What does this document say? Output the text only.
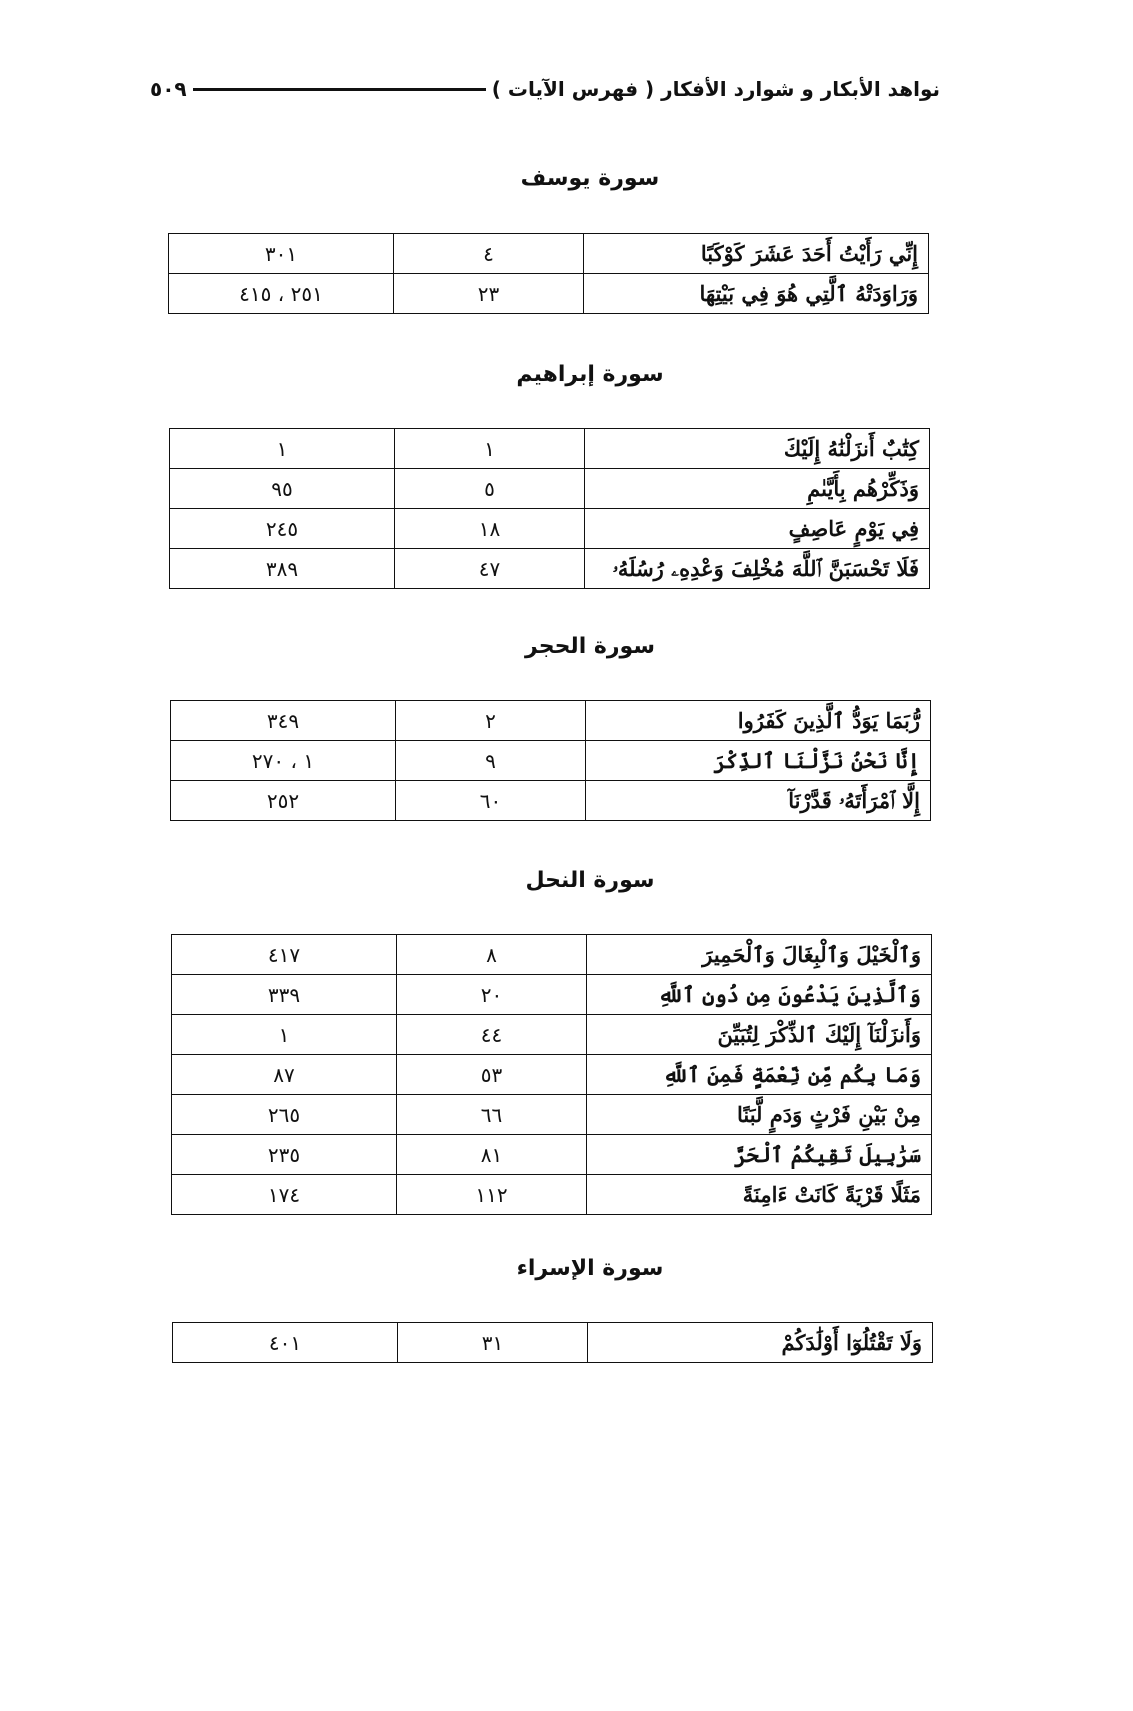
نواهد الأبكار و شوارد الأفكار ( فهرس الآيات )
٥٠٩
سورة يوسف
إِنِّي رَأَيْتُ أَحَدَ عَشَرَ كَوْكَبًا	٤	٣٠١
وَرَاوَدَتْهُ ٱلَّتِي هُوَ فِي بَيْتِهَا	٢٣	٢٥١ ، ٤١٥
سورة إبراهيم
كِتَٰبٌ أَنزَلْنَٰهُ إِلَيْكَ	١	١
وَذَكِّرْهُم بِأَيَّىٰمِ	٥	٩٥
فِي يَوْمٍ عَاصِفٍ	١٨	٢٤٥
فَلَا تَحْسَبَنَّ ٱللَّهَ مُخْلِفَ وَعْدِهِۦ رُسُلَهُۥ	٤٧	٣٨٩
سورة الحجر
رُّبَمَا يَوَدُّ ٱلَّذِينَ كَفَرُوا	٢	٣٤٩
إِنَّا نَحْنُ نَزَّلْنَا ٱلذِّكْرَ	٩	١ ، ٢٧٠
إِلَّا ٱمْرَأَتَهُۥ قَدَّرْنَآ	٦٠	٢٥٢
سورة النحل
وَٱلْخَيْلَ وَٱلْبِغَالَ وَٱلْحَمِيرَ	٨	٤١٧
وَٱلَّذِينَ يَدْعُونَ مِن دُونِ ٱللَّهِ	٢٠	٣٣٩
وَأَنزَلْنَآ إِلَيْكَ ٱلذِّكْرَ لِتُبَيِّنَ	٤٤	١
وَمَا بِكُم مِّن نِّعْمَةٍ فَمِنَ ٱللَّهِ	٥٣	٨٧
مِنْ بَيْنِ فَرْثٍ وَدَمٍ لَّبَنًا	٦٦	٢٦٥
سَرَٰبِيلَ تَقِيكُمُ ٱلْحَرَّ	٨١	٢٣٥
مَثَلًا قَرْيَةً كَانَتْ ءَامِنَةً	١١٢	١٧٤
سورة الإسراء
وَلَا تَقْتُلُوٓا أَوْلَٰدَكُمْ	٣١	٤٠١
